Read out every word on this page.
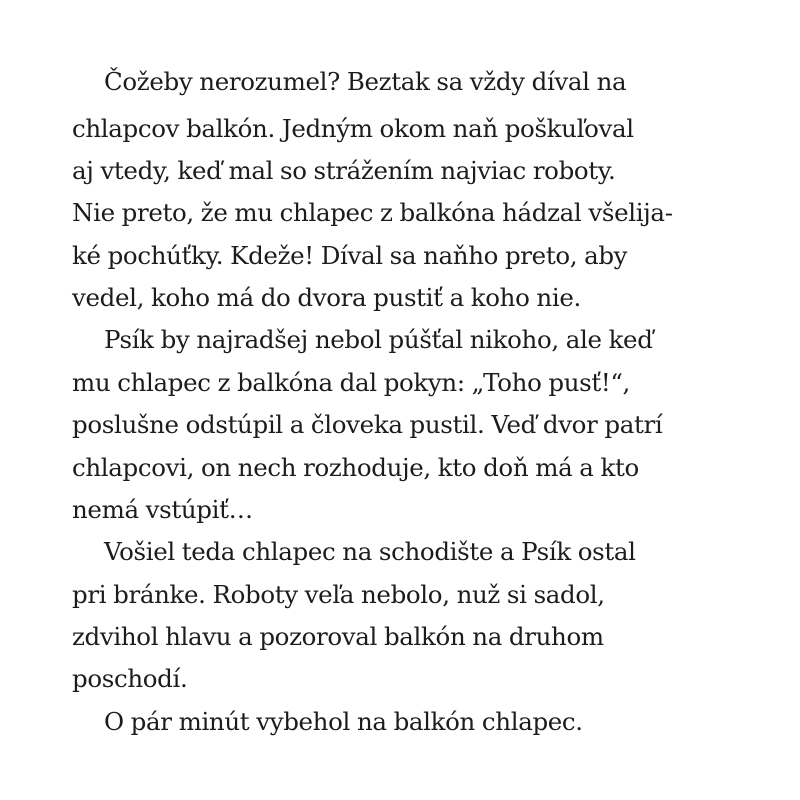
Čožeby nerozumel? Beztak sa vždy díval na
chlapcov balkón. Jedným okom naň poškuľoval
aj vtedy, keď mal so strážením najviac roboty.
Nie preto, že mu chlapec z balkóna hádzal všelija-
ké pochúťky. Kdeže! Díval sa naňho preto, aby
vedel, koho má do dvora pustiť a koho nie.
Psík by najradšej nebol púšťal nikoho, ale keď
mu chlapec z balkóna dal pokyn: „Toho pusť!“,
poslušne odstúpil a človeka pustil. Veď dvor patrí
chlapcovi, on nech rozhoduje, kto doň má a kto
nemá vstúpiť…
Vošiel teda chlapec na schodište a Psík ostal
pri bránke. Roboty veľa nebolo, nuž si sadol,
zdvihol hlavu a pozoroval balkón na druhom
poschodí.
O pár minút vybehol na balkón chlapec.
